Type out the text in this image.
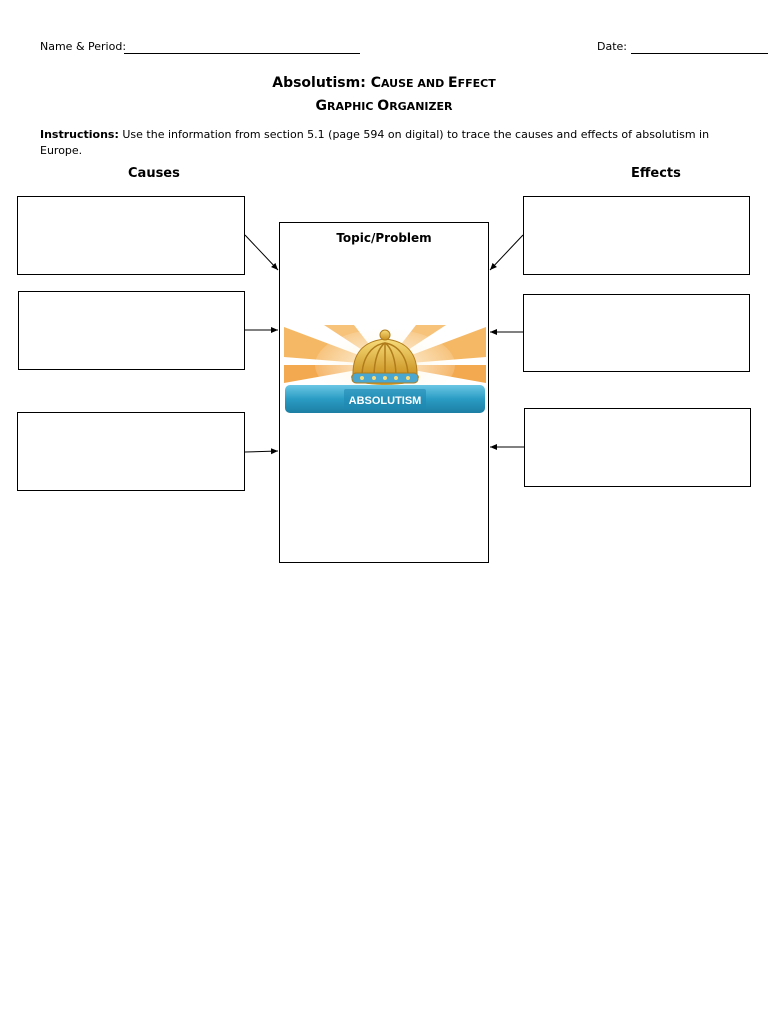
Name & Period:	Date:
Absolutism: CAUSE AND EFFECT
GRAPHIC ORGANIZER
Instructions: Use the information from section 5.1 (page 594 on digital) to trace the causes and effects of absolutism in Europe.
Causes	Effects
Topic/Problem
ABSOLUTISM
